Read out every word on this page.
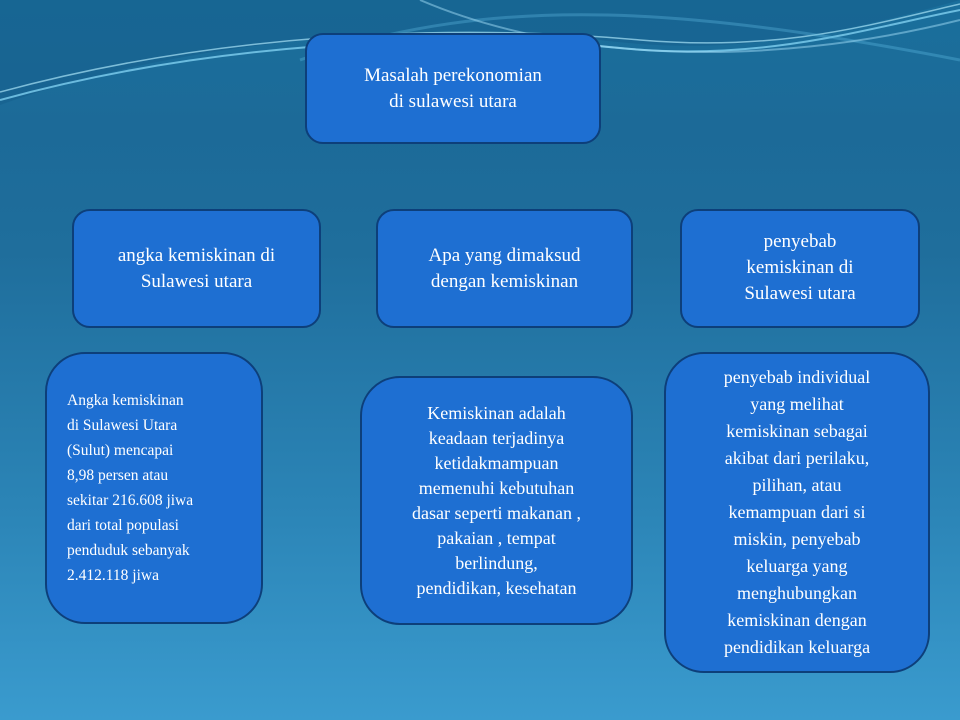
Masalah perekonomian
di sulawesi utara
angka kemiskinan di
Sulawesi utara
Apa yang dimaksud
dengan kemiskinan
penyebab
kemiskinan di
Sulawesi utara
Angka kemiskinan
di Sulawesi Utara
(Sulut) mencapai
8,98 persen atau
sekitar 216.608 jiwa
dari total populasi
penduduk sebanyak
2.412.118 jiwa
Kemiskinan adalah
keadaan terjadinya
ketidakmampuan
memenuhi kebutuhan
dasar seperti makanan ,
pakaian , tempat
berlindung,
pendidikan, kesehatan
penyebab individual
yang melihat
kemiskinan sebagai
akibat dari perilaku,
pilihan, atau
kemampuan dari si
miskin, penyebab
keluarga yang
menghubungkan
kemiskinan dengan
pendidikan keluarga
